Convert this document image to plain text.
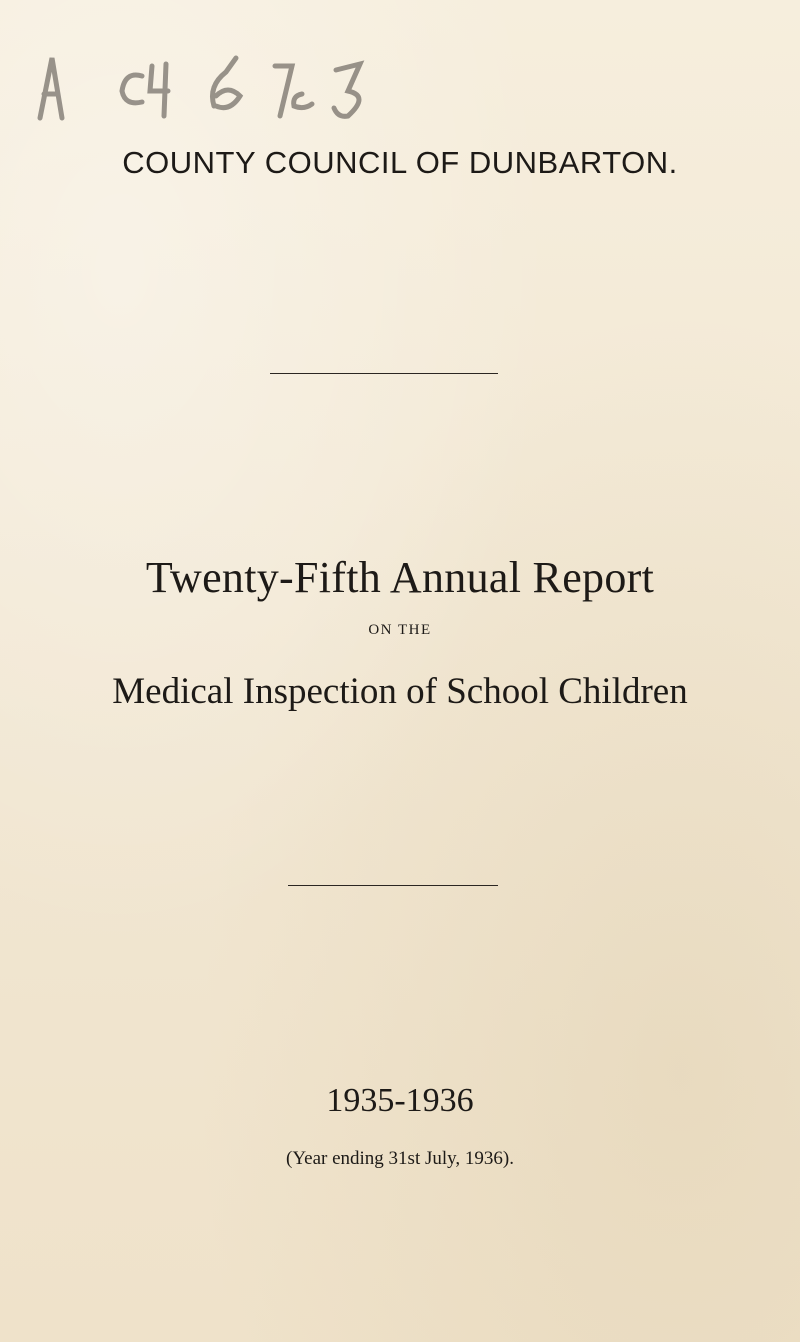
COUNTY COUNCIL OF DUNBARTON.
Twenty-Fifth Annual Report
ON THE
Medical Inspection of School Children
1935-1936
(Year ending 31st July, 1936).
